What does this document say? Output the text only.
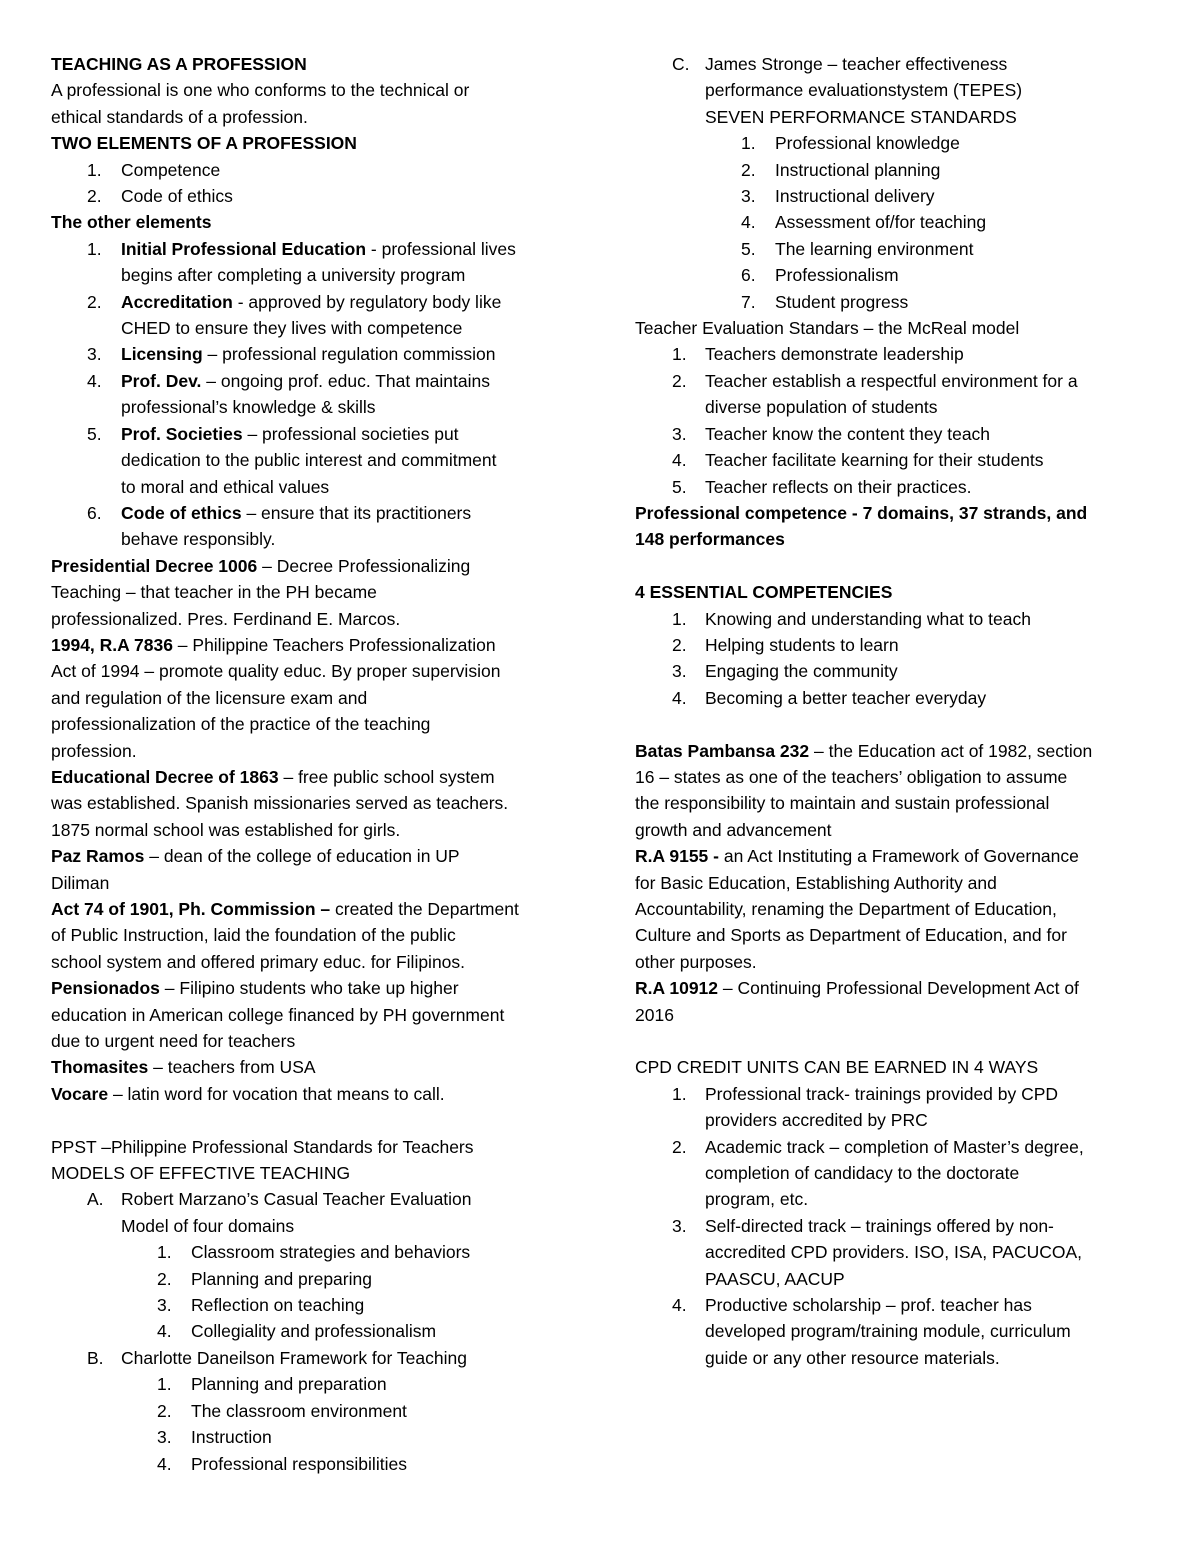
TEACHING AS A PROFESSION
A professional is one who conforms to the technical or
ethical standards of a profession.
TWO ELEMENTS OF A PROFESSION
1.	Competence
2.	Code of ethics
The other elements
1.	Initial Professional Education - professional lives
begins after completing a university program
2.	Accreditation - approved by regulatory body like
CHED to ensure they lives with competence
3.	Licensing – professional regulation commission
4.	Prof. Dev. – ongoing prof. educ. That maintains
professional’s knowledge & skills
5.	Prof. Societies – professional societies put
dedication to the public interest and commitment
to moral and ethical values
6.	Code of ethics – ensure that its practitioners
behave responsibly.
Presidential Decree 1006 – Decree Professionalizing
Teaching – that teacher in the PH became
professionalized. Pres. Ferdinand E. Marcos.
1994, R.A 7836 – Philippine Teachers Professionalization
Act of 1994 – promote quality educ. By proper supervision
and regulation of the licensure exam and
professionalization of the practice of the teaching
profession.
Educational Decree of 1863 – free public school system
was established. Spanish missionaries served as teachers.
1875 normal school was established for girls.
Paz Ramos – dean of the college of education in UP
Diliman
Act 74 of 1901, Ph. Commission – created the Department
of Public Instruction, laid the foundation of the public
school system and offered primary educ. for Filipinos.
Pensionados – Filipino students who take up higher
education in American college financed by PH government
due to urgent need for teachers
Thomasites – teachers from USA
Vocare – latin word for vocation that means to call.
PPST –Philippine Professional Standards for Teachers
MODELS OF EFFECTIVE TEACHING
A. Robert Marzano’s Casual Teacher Evaluation
Model of four domains
1.	Classroom strategies and behaviors
2.	Planning and preparing
3.	Reflection on teaching
4.	Collegiality and professionalism
B. Charlotte Daneilson Framework for Teaching
1.	Planning and preparation
2.	The classroom environment
3.	Instruction
4.	Professional responsibilities
C. James Stronge – teacher effectiveness
performance evaluationstystem (TEPES)
SEVEN PERFORMANCE STANDARDS
1.	Professional knowledge
2.	Instructional planning
3.	Instructional delivery
4.	Assessment of/for teaching
5.	The learning environment
6.	Professionalism
7.	Student progress
Teacher Evaluation Standars – the McReal model
1.	Teachers demonstrate leadership
2.	Teacher establish a respectful environment for a
diverse population of students
3.	Teacher know the content they teach
4.	Teacher facilitate kearning for their students
5.	Teacher reflects on their practices.
Professional competence - 7 domains, 37 strands, and
148 performances
4 ESSENTIAL COMPETENCIES
1.	Knowing and understanding what to teach
2.	Helping students to learn
3.	Engaging the community
4.	Becoming a better teacher everyday
Batas Pambansa 232 – the Education act of 1982, section
16 – states as one of the teachers’ obligation to assume
the responsibility to maintain and sustain professional
growth and advancement
R.A 9155 - an Act Instituting a Framework of Governance
for Basic Education, Establishing Authority and
Accountability, renaming the Department of Education,
Culture and Sports as Department of Education, and for
other purposes.
R.A 10912 – Continuing Professional Development Act of
2016
CPD CREDIT UNITS CAN BE EARNED IN 4 WAYS
1.	Professional track- trainings provided by CPD
providers accredited by PRC
2.	Academic track – completion of Master’s degree,
completion of candidacy to the doctorate
program, etc.
3.	Self-directed track – trainings offered by non-
accredited CPD providers. ISO, ISA, PACUCOA,
PAASCU, AACUP
4.	Productive scholarship – prof. teacher has
developed program/training module, curriculum
guide or any other resource materials.
